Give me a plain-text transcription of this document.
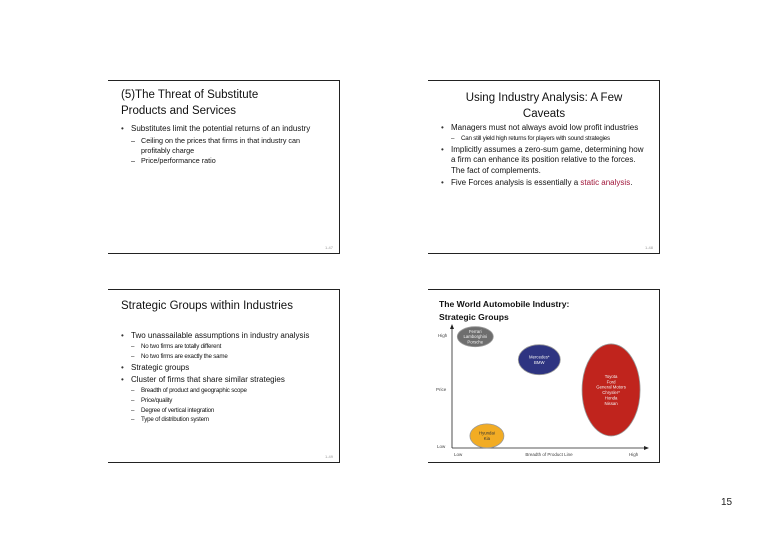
(5)The Threat of Substitute
Products and Services
• Substitutes limit the potential returns of an industry
– Ceiling on the prices that firms in that industry can profitably charge
– Price/performance ratio
1-47
Using Industry Analysis: A Few
Caveats
• Managers must not always avoid low profit industries
– Can still yield high returns for players with sound strategies
• Implicitly assumes a zero-sum game, determining how a firm can enhance its position relative to the forces. The fact of complements.
• Five Forces analysis is essentially a static analysis.
1-48
Strategic Groups within Industries
• Two unassailable assumptions in industry analysis
– No two firms are totally different
– No two firms are exactly the same
• Strategic groups
• Cluster of firms that share similar strategies
– Breadth of product and geographic scope
– Price/quality
– Degree of vertical integration
– Type of distribution system
1-49
The World Automobile Industry:
Strategic Groups
High
Price
Low
Low	Breadth of Product Line	High
Ferrari
Lamborghini
Porsche
Mercedes*
BMW
Toyota
Ford
General Motors
Chrysler*
Honda
Nissan
Hyundai
Kia
15
